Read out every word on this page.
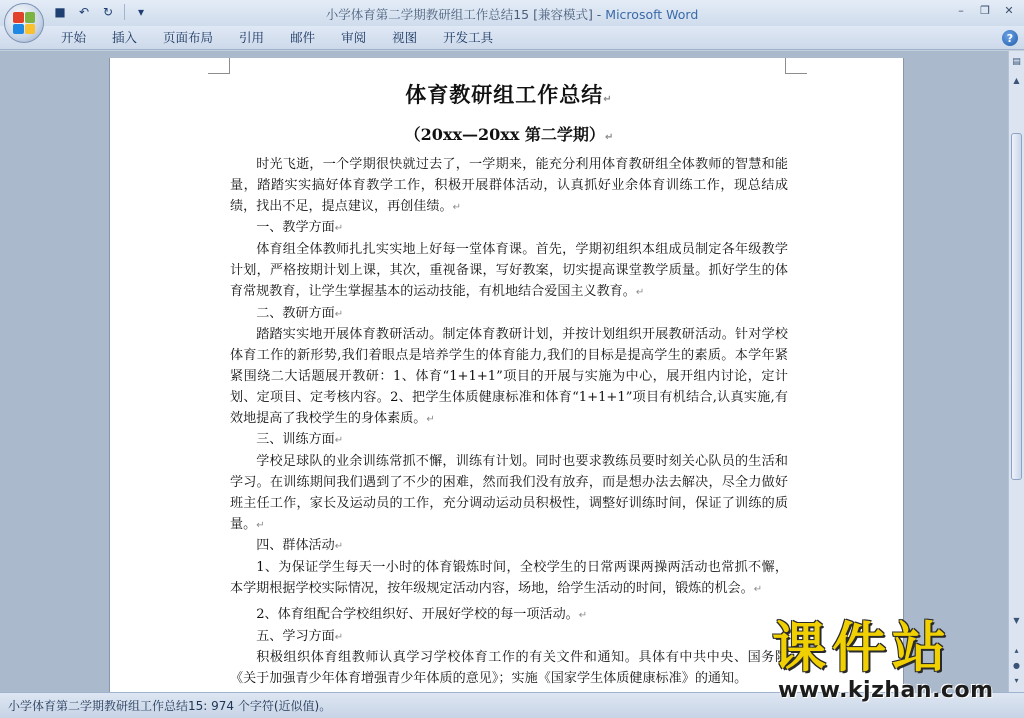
■	↶	↻	▾	小学体育第二学期教研组工作总结15 [兼容模式] - Microsoft Word	–	❐	✕
开始	插入	页面布局	引用	邮件	审阅	视图	开发工具	?
体育教研组工作总结↵
（20xx—20xx 第二学期）↵
时光飞逝，一个学期很快就过去了，一学期来，能充分利用体育教研组全体教师的智慧和能量，踏踏实实搞好体育教学工作，积极开展群体活动，认真抓好业余体育训练工作，现总结成绩，找出不足，提点建议，再创佳绩。↵
一、教学方面↵
体育组全体教师扎扎实实地上好每一堂体育课。首先，学期初组织本组成员制定各年级教学计划，严格按期计划上课，其次，重视备课，写好教案，切实提高课堂教学质量。抓好学生的体育常规教育，让学生掌握基本的运动技能，有机地结合爱国主义教育。↵
二、教研方面↵
踏踏实实地开展体育教研活动。制定体育教研计划，并按计划组织开展教研活动。针对学校体育工作的新形势,我们着眼点是培养学生的体育能力,我们的目标是提高学生的素质。本学年紧紧围绕二大话题展开教研：1、体育“1+1+1”项目的开展与实施为中心，展开组内讨论，定计划、定项目、定考核内容。2、把学生体质健康标准和体育“1+1+1”项目有机结合,认真实施,有效地提高了我校学生的身体素质。↵
三、训练方面↵
学校足球队的业余训练常抓不懈，训练有计划。同时也要求教练员要时刻关心队员的生活和学习。在训练期间我们遇到了不少的困难，然而我们没有放弃，而是想办法去解决，尽全力做好班主任工作，家长及运动员的工作，充分调动运动员积极性，调整好训练时间，保证了训练的质量。↵
四、群体活动↵
1、为保证学生每天一小时的体育锻炼时间，全校学生的日常两课两操两活动也常抓不懈，本学期根据学校实际情况，按年级规定活动内容，场地，给学生活动的时间，锻炼的机会。↵
2、体育组配合学校组织好、开展好学校的每一项活动。↵
五、学习方面↵
积极组织体育组教师认真学习学校体育工作的有关文件和通知。具体有中共中央、国务院《关于加强青少年体育增强青少年体质的意见》；实施《国家学生体质健康标准》的通知。
▤
▲
▼
▴
●
▾
小学体育第二学期教研组工作总结15: 974 个字符(近似值)。
课件站
www.kjzhan.com
